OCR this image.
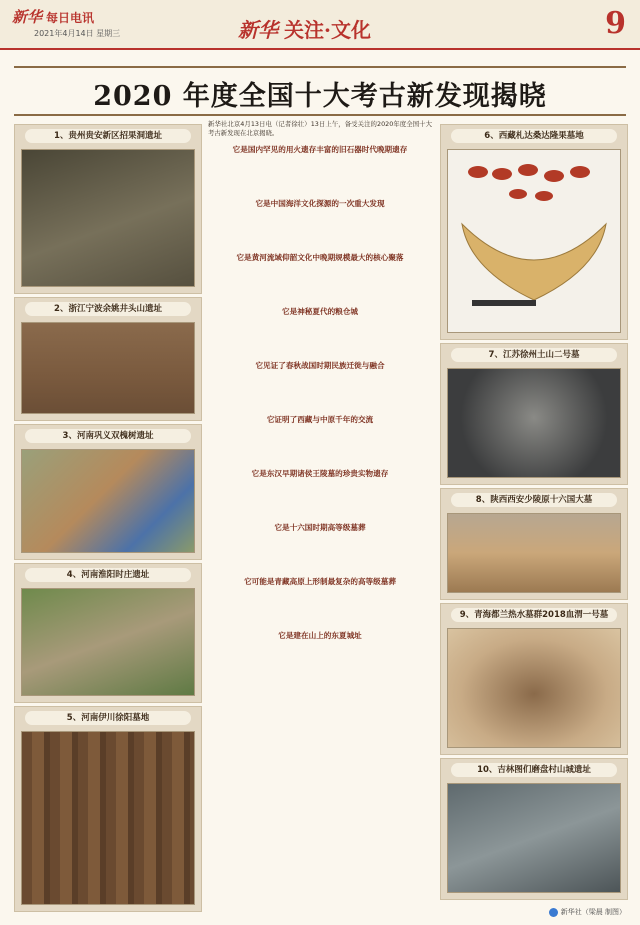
新华 每日电讯
2021年4月14日 星期三	新华 关注·文化	9
2020 年度全国十大考古新发现揭晓
1、贵州贵安新区招果洞遗址
2、浙江宁波余姚井头山遗址
3、河南巩义双槐树遗址
4、河南淮阳时庄遗址
5、河南伊川徐阳墓地

新华社北京4月13日电（记者徐壮）13日上午，备受关注的2020年度全国十大考古新发现在北京揭晓。

它是国内罕见的用火遗存丰富的旧石器时代晚期遗存

它是中国海洋文化探源的一次重大发现

它是黄河流域仰韶文化中晚期规模最大的核心聚落

它是神秘夏代的粮仓城

它见证了春秋战国时期民族迁徙与融合

它证明了西藏与中原千年的交流

它是东汉早期诸侯王陵墓的珍贵实物遗存

它是十六国时期高等级墓葬

它可能是青藏高原上形制最复杂的高等级墓葬

它是建在山上的东夏城址

6、西藏札达桑达隆果墓地
7、江苏徐州土山二号墓
8、陕西西安少陵原十六国大墓
9、青海都兰热水墓群2018血渭一号墓
10、吉林图们磨盘村山城遗址
新华社（梁晨 制图）
